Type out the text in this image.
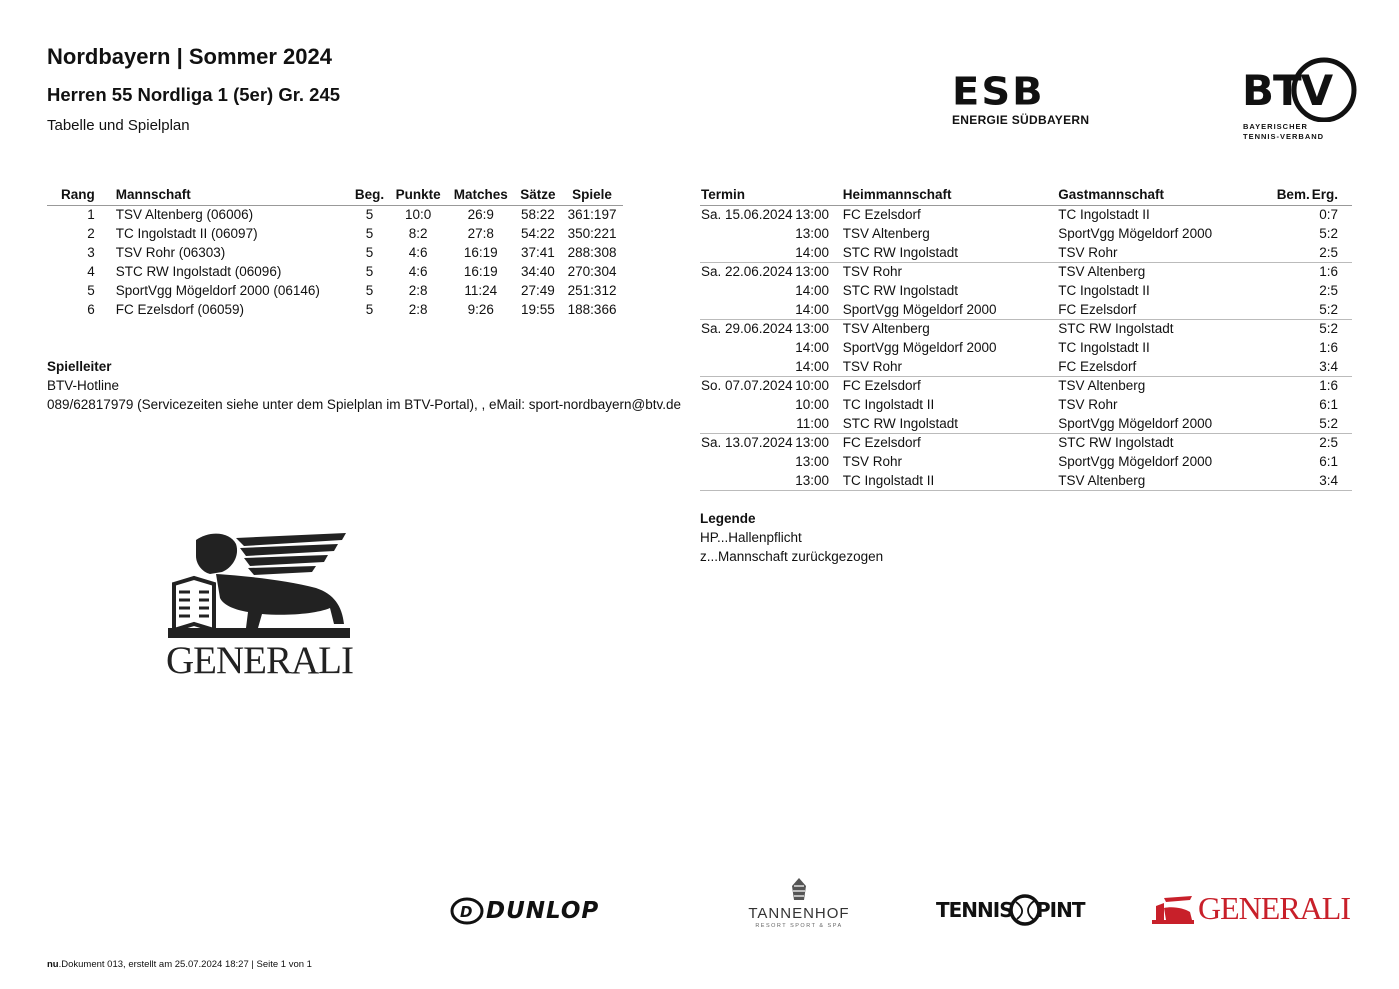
Nordbayern | Sommer 2024
Herren 55 Nordliga 1 (5er) Gr. 245
Tabelle und Spielplan
ESB
ENERGIE SÜDBAYERN
BTV
BAYERISCHER
TENNIS-VERBAND
Rang	Mannschaft	Beg.	Punkte	Matches	Sätze	Spiele
1	TSV Altenberg (06006)	5	10:0	26:9	58:22	361:197
2	TC Ingolstadt II (06097)	5	8:2	27:8	54:22	350:221
3	TSV Rohr (06303)	5	4:6	16:19	37:41	288:308
4	STC RW Ingolstadt (06096)	5	4:6	16:19	34:40	270:304
5	SportVgg Mögeldorf 2000 (06146)	5	2:8	11:24	27:49	251:312
6	FC Ezelsdorf (06059)	5	2:8	9:26	19:55	188:366
Spielleiter
BTV-Hotline
089/62817979 (Servicezeiten siehe unter dem Spielplan im BTV-Portal), , eMail: sport-nordbayern@btv.de
GENERALI
Termin	Heimmannschaft	Gastmannschaft	Bem.	Erg.
Sa. 15.06.2024 13:00	FC Ezelsdorf	TC Ingolstadt II		0:7
13:00	TSV Altenberg	SportVgg Mögeldorf 2000		5:2
14:00	STC RW Ingolstadt	TSV Rohr		2:5
Sa. 22.06.2024 13:00	TSV Rohr	TSV Altenberg		1:6
14:00	STC RW Ingolstadt	TC Ingolstadt II		2:5
14:00	SportVgg Mögeldorf 2000	FC Ezelsdorf		5:2
Sa. 29.06.2024 13:00	TSV Altenberg	STC RW Ingolstadt		5:2
14:00	SportVgg Mögeldorf 2000	TC Ingolstadt II		1:6
14:00	TSV Rohr	FC Ezelsdorf		3:4
So. 07.07.2024 10:00	FC Ezelsdorf	TSV Altenberg		1:6
10:00	TC Ingolstadt II	TSV Rohr		6:1
11:00	STC RW Ingolstadt	SportVgg Mögeldorf 2000		5:2
Sa. 13.07.2024 13:00	FC Ezelsdorf	STC RW Ingolstadt		2:5
13:00	TSV Rohr	SportVgg Mögeldorf 2000		6:1
13:00	TC Ingolstadt II	TSV Altenberg		3:4
Legende
HP...Hallenpflicht
z...Mannschaft zurückgezogen
D DUNLOP	TANNENHOF
RESORT SPORT & SPA
TENNIS PINT	GENERALI
nu.Dokument 013, erstellt am 25.07.2024 18:27 | Seite 1 von 1
